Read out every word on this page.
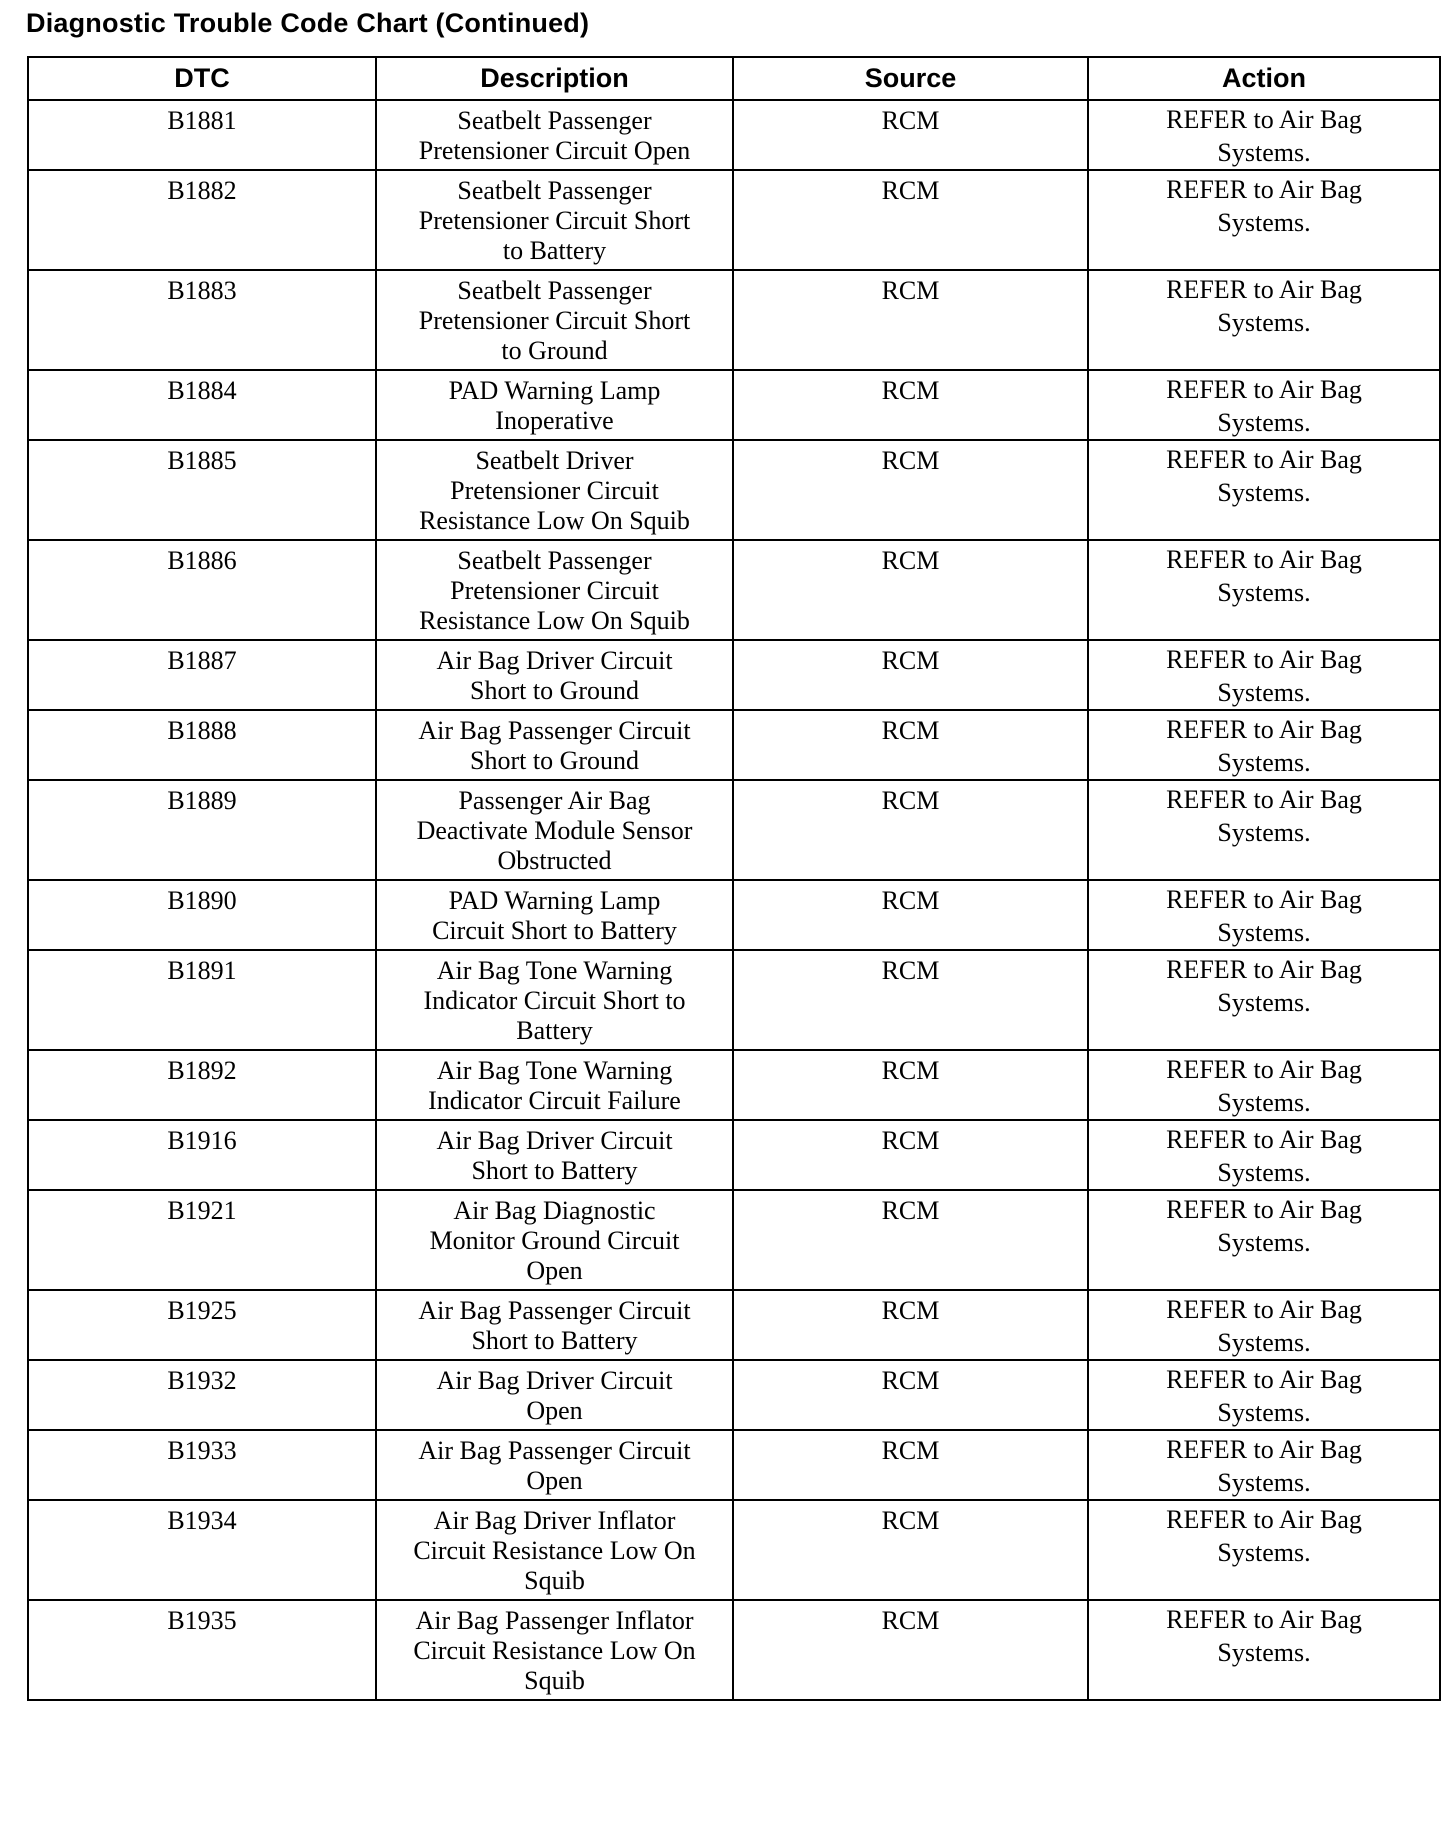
Diagnostic Trouble Code Chart (Continued)
DTC	Description	Source	Action
B1881	Seatbelt Passenger
Pretensioner Circuit Open	RCM	REFER to Air Bag
Systems.

B1882	Seatbelt Passenger
Pretensioner Circuit Short
to Battery	RCM	REFER to Air Bag
Systems.

B1883	Seatbelt Passenger
Pretensioner Circuit Short
to Ground	RCM	REFER to Air Bag
Systems.

B1884	PAD Warning Lamp
Inoperative	RCM	REFER to Air Bag
Systems.

B1885	Seatbelt Driver
Pretensioner Circuit
Resistance Low On Squib	RCM	REFER to Air Bag
Systems.

B1886	Seatbelt Passenger
Pretensioner Circuit
Resistance Low On Squib	RCM	REFER to Air Bag
Systems.

B1887	Air Bag Driver Circuit
Short to Ground	RCM	REFER to Air Bag
Systems.

B1888	Air Bag Passenger Circuit
Short to Ground	RCM	REFER to Air Bag
Systems.

B1889	Passenger Air Bag
Deactivate Module Sensor
Obstructed	RCM	REFER to Air Bag
Systems.

B1890	PAD Warning Lamp
Circuit Short to Battery	RCM	REFER to Air Bag
Systems.

B1891	Air Bag Tone Warning
Indicator Circuit Short to
Battery	RCM	REFER to Air Bag
Systems.

B1892	Air Bag Tone Warning
Indicator Circuit Failure	RCM	REFER to Air Bag
Systems.

B1916	Air Bag Driver Circuit
Short to Battery	RCM	REFER to Air Bag
Systems.

B1921	Air Bag Diagnostic
Monitor Ground Circuit
Open	RCM	REFER to Air Bag
Systems.

B1925	Air Bag Passenger Circuit
Short to Battery	RCM	REFER to Air Bag
Systems.

B1932	Air Bag Driver Circuit
Open	RCM	REFER to Air Bag
Systems.

B1933	Air Bag Passenger Circuit
Open	RCM	REFER to Air Bag
Systems.

B1934	Air Bag Driver Inflator
Circuit Resistance Low On
Squib	RCM	REFER to Air Bag
Systems.

B1935	Air Bag Passenger Inflator
Circuit Resistance Low On
Squib	RCM	REFER to Air Bag
Systems.
